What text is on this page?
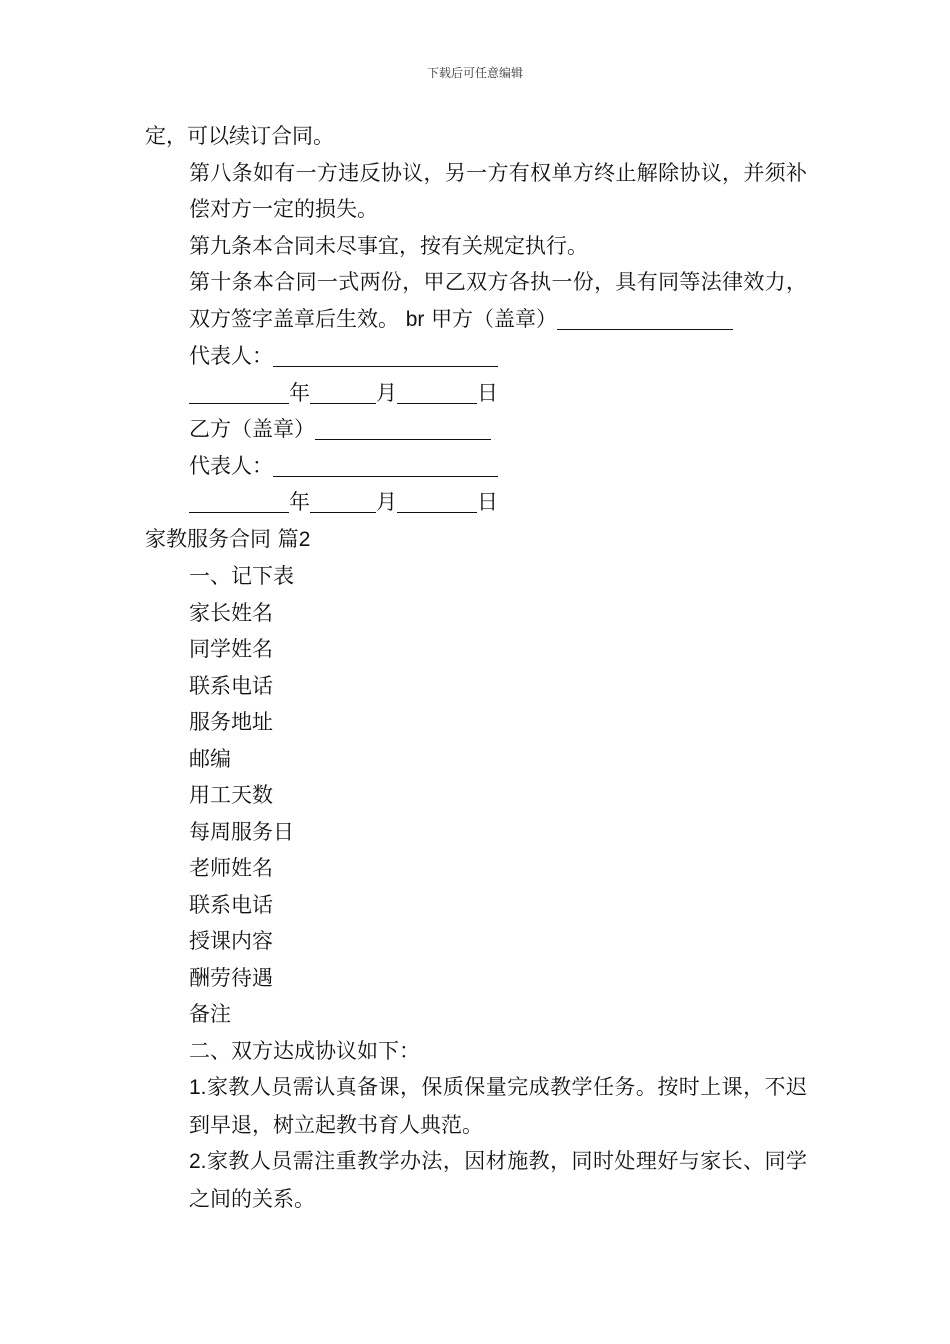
下载后可任意编辑

定，可以续订合同。

第八条如有一方违反协议，另一方有权单方终止解除协议，并须补偿对方一定的损失。

第九条本合同未尽事宜，按有关规定执行。

第十条本合同一式两份，甲乙双方各执一份，具有同等法律效力，双方签字盖章后生效。 br 甲方（盖章）

代表人：

年	月	日

乙方（盖章）

代表人：

年	月	日

家教服务合同 篇2

一、记下表

家长姓名

同学姓名

联系电话

服务地址

邮编

用工天数

每周服务日

老师姓名

联系电话

授课内容

酬劳待遇

备注

二、双方达成协议如下：

1.家教人员需认真备课，保质保量完成教学任务。按时上课，不迟到早退，树立起教书育人典范。

2.家教人员需注重教学办法，因材施教，同时处理好与家长、同学之间的关系。
